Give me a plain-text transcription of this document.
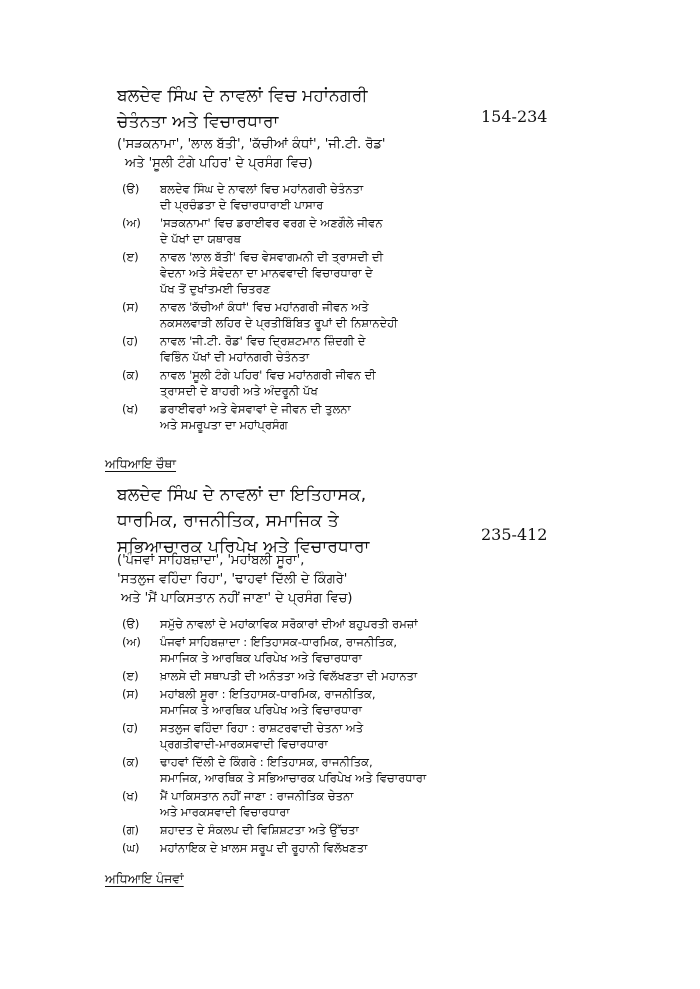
ਬਲਦੇਵ ਸਿੰਘ ਦੇ ਨਾਵਲਾਂ ਵਿਚ ਮਹਾਂਨਗਰੀ
ਚੇਤੰਨਤਾ ਅਤੇ ਵਿਚਾਰਧਾਰਾ	154-234
('ਸੜਕਨਾਮਾ', 'ਲਾਲ ਬੱਤੀ', 'ਕੱਚੀਆਂ ਕੰਧਾਂ', 'ਜੀ.ਟੀ. ਰੋਡ'
ਅਤੇ 'ਸੂਲੀ ਟੰਗੇ ਪਹਿਰ' ਦੇ ਪ੍ਰਸੰਗ ਵਿਚ)
(ੳ)	ਬਲਦੇਵ ਸਿੰਘ ਦੇ ਨਾਵਲਾਂ ਵਿਚ ਮਹਾਂਨਗਰੀ ਚੇਤੰਨਤਾ
ਦੀ ਪ੍ਰਚੰਡਤਾ ਦੇ ਵਿਚਾਰਧਾਰਾਈ ਪਾਸਾਰ
(ਅ)	'ਸੜਕਨਾਮਾ' ਵਿਚ ਡਰਾਈਵਰ ਵਰਗ ਦੇ ਅਣਗੌਲੇ ਜੀਵਨ
ਦੇ ਪੱਖਾਂ ਦਾ ਯਥਾਰਥ
(ੲ)	ਨਾਵਲ 'ਲਾਲ ਬੱਤੀ' ਵਿਚ ਵੇਸਵਾਗਮਨੀ ਦੀ ਤ੍ਰਾਸਦੀ ਦੀ
ਵੇਦਨਾ ਅਤੇ ਸੰਵੇਦਨਾ ਦਾ ਮਾਨਵਵਾਦੀ ਵਿਚਾਰਧਾਰਾ ਦੇ
ਪੱਖ ਤੋਂ ਦੁਖਾਂਤਮਈ ਚਿਤਰਣ
(ਸ)	ਨਾਵਲ 'ਕੱਚੀਆਂ ਕੰਧਾਂ' ਵਿਚ ਮਹਾਂਨਗਰੀ ਜੀਵਨ ਅਤੇ
ਨਕਸਲਵਾੜੀ ਲਹਿਰ ਦੇ ਪ੍ਰਤੀਬਿੰਬਿਤ ਰੂਪਾਂ ਦੀ ਨਿਸ਼ਾਨਦੇਹੀ
(ਹ)	ਨਾਵਲ 'ਜੀ.ਟੀ. ਰੋਡ' ਵਿਚ ਦ੍ਰਿਸ਼ਟਮਾਨ ਜ਼ਿੰਦਗੀ ਦੇ
ਵਿਭਿੰਨ ਪੱਖਾਂ ਦੀ ਮਹਾਂਨਗਰੀ ਚੇਤੰਨਤਾ
(ਕ)	ਨਾਵਲ 'ਸੂਲੀ ਟੰਗੇ ਪਹਿਰ' ਵਿਚ ਮਹਾਂਨਗਰੀ ਜੀਵਨ ਦੀ
ਤ੍ਰਾਸਦੀ ਦੇ ਬਾਹਰੀ ਅਤੇ ਅੰਦਰੂਨੀ ਪੱਖ
(ਖ)	ਡਰਾਈਵਰਾਂ ਅਤੇ ਵੇਸਵਾਵਾਂ ਦੇ ਜੀਵਨ ਦੀ ਤੁਲਨਾ
ਅਤੇ ਸਮਰੂਪਤਾ ਦਾ ਮਹਾਂਪ੍ਰਸੰਗ
ਅਧਿਆਇ ਚੌਥਾ
ਬਲਦੇਵ ਸਿੰਘ ਦੇ ਨਾਵਲਾਂ ਦਾ ਇਤਿਹਾਸਕ,
ਧਾਰਮਿਕ, ਰਾਜਨੀਤਿਕ, ਸਮਾਜਿਕ ਤੇ
ਸਭਿਆਚਾਰਕ ਪਰਿਪੇਖ ਅਤੇ ਵਿਚਾਰਧਾਰਾ
235-412
('ਪੰਜਵਾਂ ਸਾਹਿਬਜ਼ਾਦਾ', 'ਮਹਾਂਬਲੀ ਸੂਰਾ',
'ਸਤਲੁਜ ਵਹਿੰਦਾ ਰਿਹਾ', 'ਢਾਹਵਾਂ ਦਿੱਲੀ ਦੇ ਕਿੰਗਰੇ'
ਅਤੇ 'ਮੈਂ ਪਾਕਿਸਤਾਨ ਨਹੀਂ ਜਾਣਾ' ਦੇ ਪ੍ਰਸੰਗ ਵਿਚ)
(ੳ)	ਸਮੁੱਚੇ ਨਾਵਲਾਂ ਦੇ ਮਹਾਂਕਾਵਿਕ ਸਰੋਕਾਰਾਂ ਦੀਆਂ ਬਹੁਪਰਤੀ ਰਮਜ਼ਾਂ
(ਅ)	ਪੰਜਵਾਂ ਸਾਹਿਬਜ਼ਾਦਾ : ਇਤਿਹਾਸਕ-ਧਾਰਮਿਕ, ਰਾਜਨੀਤਿਕ,
ਸਮਾਜਿਕ ਤੇ ਆਰਥਿਕ ਪਰਿਪੇਖ ਅਤੇ ਵਿਚਾਰਧਾਰਾ
(ੲ)	ਖ਼ਾਲਸੇ ਦੀ ਸਥਾਪਤੀ ਦੀ ਅਨੰਤਤਾ ਅਤੇ ਵਿਲੱਖਣਤਾ ਦੀ ਮਹਾਨਤਾ
(ਸ)	ਮਹਾਂਬਲੀ ਸੂਰਾ : ਇਤਿਹਾਸਕ-ਧਾਰਮਿਕ, ਰਾਜਨੀਤਿਕ,
ਸਮਾਜਿਕ ਤੇ ਆਰਥਿਕ ਪਰਿਪੇਖ ਅਤੇ ਵਿਚਾਰਧਾਰਾ
(ਹ)	ਸਤਲੁਜ ਵਹਿੰਦਾ ਰਿਹਾ : ਰਾਸ਼ਟਰਵਾਦੀ ਚੇਤਨਾ ਅਤੇ
ਪ੍ਰਗਤੀਵਾਦੀ-ਮਾਰਕਸਵਾਦੀ ਵਿਚਾਰਧਾਰਾ
(ਕ)	ਢਾਹਵਾਂ ਦਿੱਲੀ ਦੇ ਕਿੰਗਰੇ : ਇਤਿਹਾਸਕ, ਰਾਜਨੀਤਿਕ,
ਸਮਾਜਿਕ, ਆਰਥਿਕ ਤੇ ਸਭਿਆਚਾਰਕ ਪਰਿਪੇਖ ਅਤੇ ਵਿਚਾਰਧਾਰਾ
(ਖ)	ਮੈਂ ਪਾਕਿਸਤਾਨ ਨਹੀਂ ਜਾਣਾ : ਰਾਜਨੀਤਿਕ ਚੇਤਨਾ
ਅਤੇ ਮਾਰਕਸਵਾਦੀ ਵਿਚਾਰਧਾਰਾ
(ਗ)	ਸ਼ਹਾਦਤ ਦੇ ਸੰਕਲਪ ਦੀ ਵਿਸ਼ਿਸ਼ਟਤਾ ਅਤੇ ਉੱਚਤਾ
(ਘ)	ਮਹਾਂਨਾਇਕ ਦੇ ਖ਼ਾਲਸ ਸਰੂਪ ਦੀ ਰੂਹਾਨੀ ਵਿਲੱਖਣਤਾ
ਅਧਿਆਇ ਪੰਜਵਾਂ
